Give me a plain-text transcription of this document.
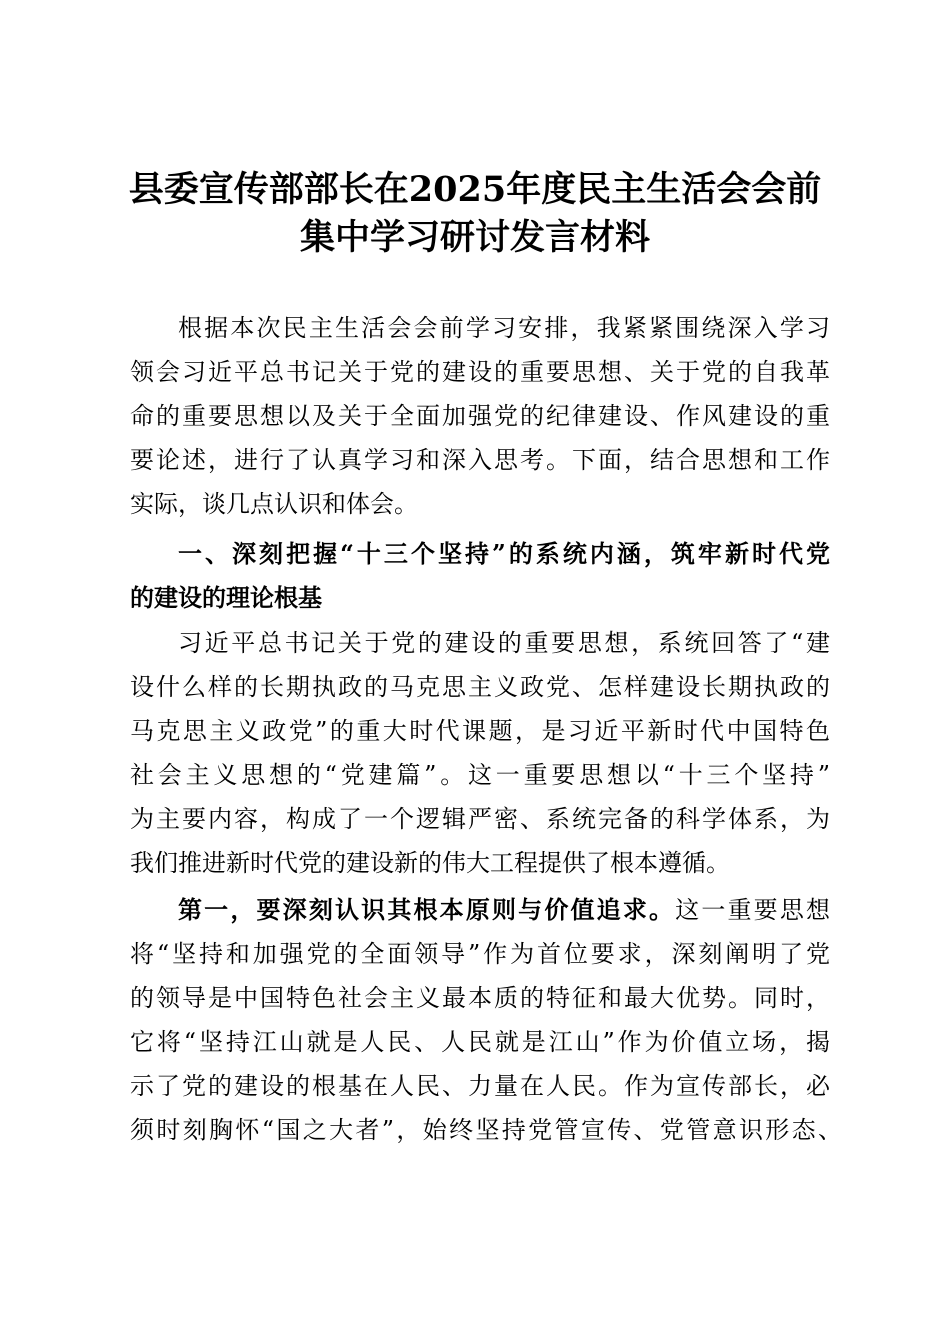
县委宣传部部长在2025年度民主生活会会前
集中学习研讨发言材料
根据本次民主生活会会前学习安排，我紧紧围绕深入学习
领会习近平总书记关于党的建设的重要思想、关于党的自我革
命的重要思想以及关于全面加强党的纪律建设、作风建设的重
要论述，进行了认真学习和深入思考。下面，结合思想和工作
实际，谈几点认识和体会。
一、深刻把握“十三个坚持”的系统内涵，筑牢新时代党
的建设的理论根基
习近平总书记关于党的建设的重要思想，系统回答了“建
设什么样的长期执政的马克思主义政党、怎样建设长期执政的
马克思主义政党”的重大时代课题，是习近平新时代中国特色
社会主义思想的“党建篇”。这一重要思想以“十三个坚持”
为主要内容，构成了一个逻辑严密、系统完备的科学体系，为
我们推进新时代党的建设新的伟大工程提供了根本遵循。
第一，要深刻认识其根本原则与价值追求。这一重要思想
将“坚持和加强党的全面领导”作为首位要求，深刻阐明了党
的领导是中国特色社会主义最本质的特征和最大优势。同时，
它将“坚持江山就是人民、人民就是江山”作为价值立场，揭
示了党的建设的根基在人民、力量在人民。作为宣传部长，必
须时刻胸怀“国之大者”，始终坚持党管宣传、党管意识形态、
